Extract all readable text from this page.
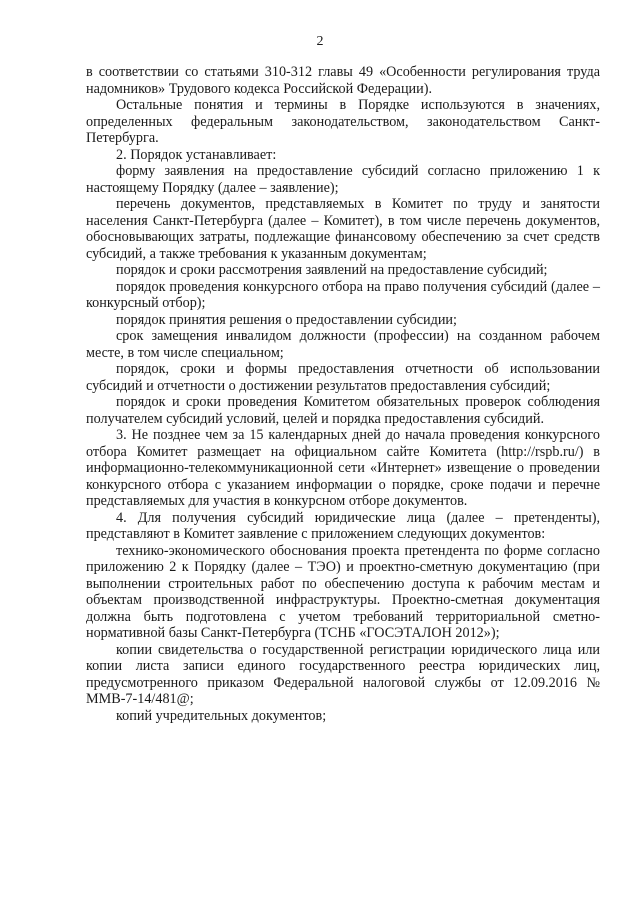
2

в соответствии со статьями 310-312 главы 49 «Особенности регулирования труда надомников» Трудового кодекса Российской Федерации).

Остальные понятия и термины в Порядке используются в значениях, определенных федеральным законодательством, законодательством Санкт-Петербурга.

2. Порядок устанавливает:

форму заявления на предоставление субсидий согласно приложению 1 к настоящему Порядку (далее – заявление);

перечень документов, представляемых в Комитет по труду и занятости населения Санкт-Петербурга (далее – Комитет), в том числе перечень документов, обосновывающих затраты, подлежащие финансовому обеспечению за счет средств субсидий, а также требования к указанным документам;

порядок и сроки рассмотрения заявлений на предоставление субсидий;

порядок проведения конкурсного отбора на право получения субсидий (далее – конкурсный отбор);

порядок принятия решения о предоставлении субсидии;

срок замещения инвалидом должности (профессии) на созданном рабочем месте, в том числе специальном;

порядок, сроки и формы предоставления отчетности об использовании субсидий и отчетности о достижении результатов предоставления субсидий;

порядок и сроки проведения Комитетом обязательных проверок соблюдения получателем субсидий условий, целей и порядка предоставления субсидий.

3. Не позднее чем за 15 календарных дней до начала проведения конкурсного отбора Комитет размещает на официальном сайте Комитета (http://rspb.ru/) в информационно-телекоммуникационной сети «Интернет» извещение о проведении конкурсного отбора с указанием информации о порядке, сроке подачи и перечне представляемых для участия в конкурсном отборе документов.

4. Для получения субсидий юридические лица (далее – претенденты), представляют в Комитет заявление с приложением следующих документов:

технико-экономического обоснования проекта претендента по форме согласно приложению 2 к Порядку (далее – ТЭО) и проектно-сметную документацию (при выполнении строительных работ по обеспечению доступа к рабочим местам и объектам производственной инфраструктуры. Проектно-сметная документация должна быть подготовлена с учетом требований территориальной сметно-нормативной базы Санкт-Петербурга (ТСНБ «ГОСЭТАЛОН 2012»);

копии свидетельства о государственной регистрации юридического лица или копии листа записи единого государственного реестра юридических лиц, предусмотренного приказом Федеральной налоговой службы от 12.09.2016 № ММВ-7-14/481@;

копий учредительных документов;
